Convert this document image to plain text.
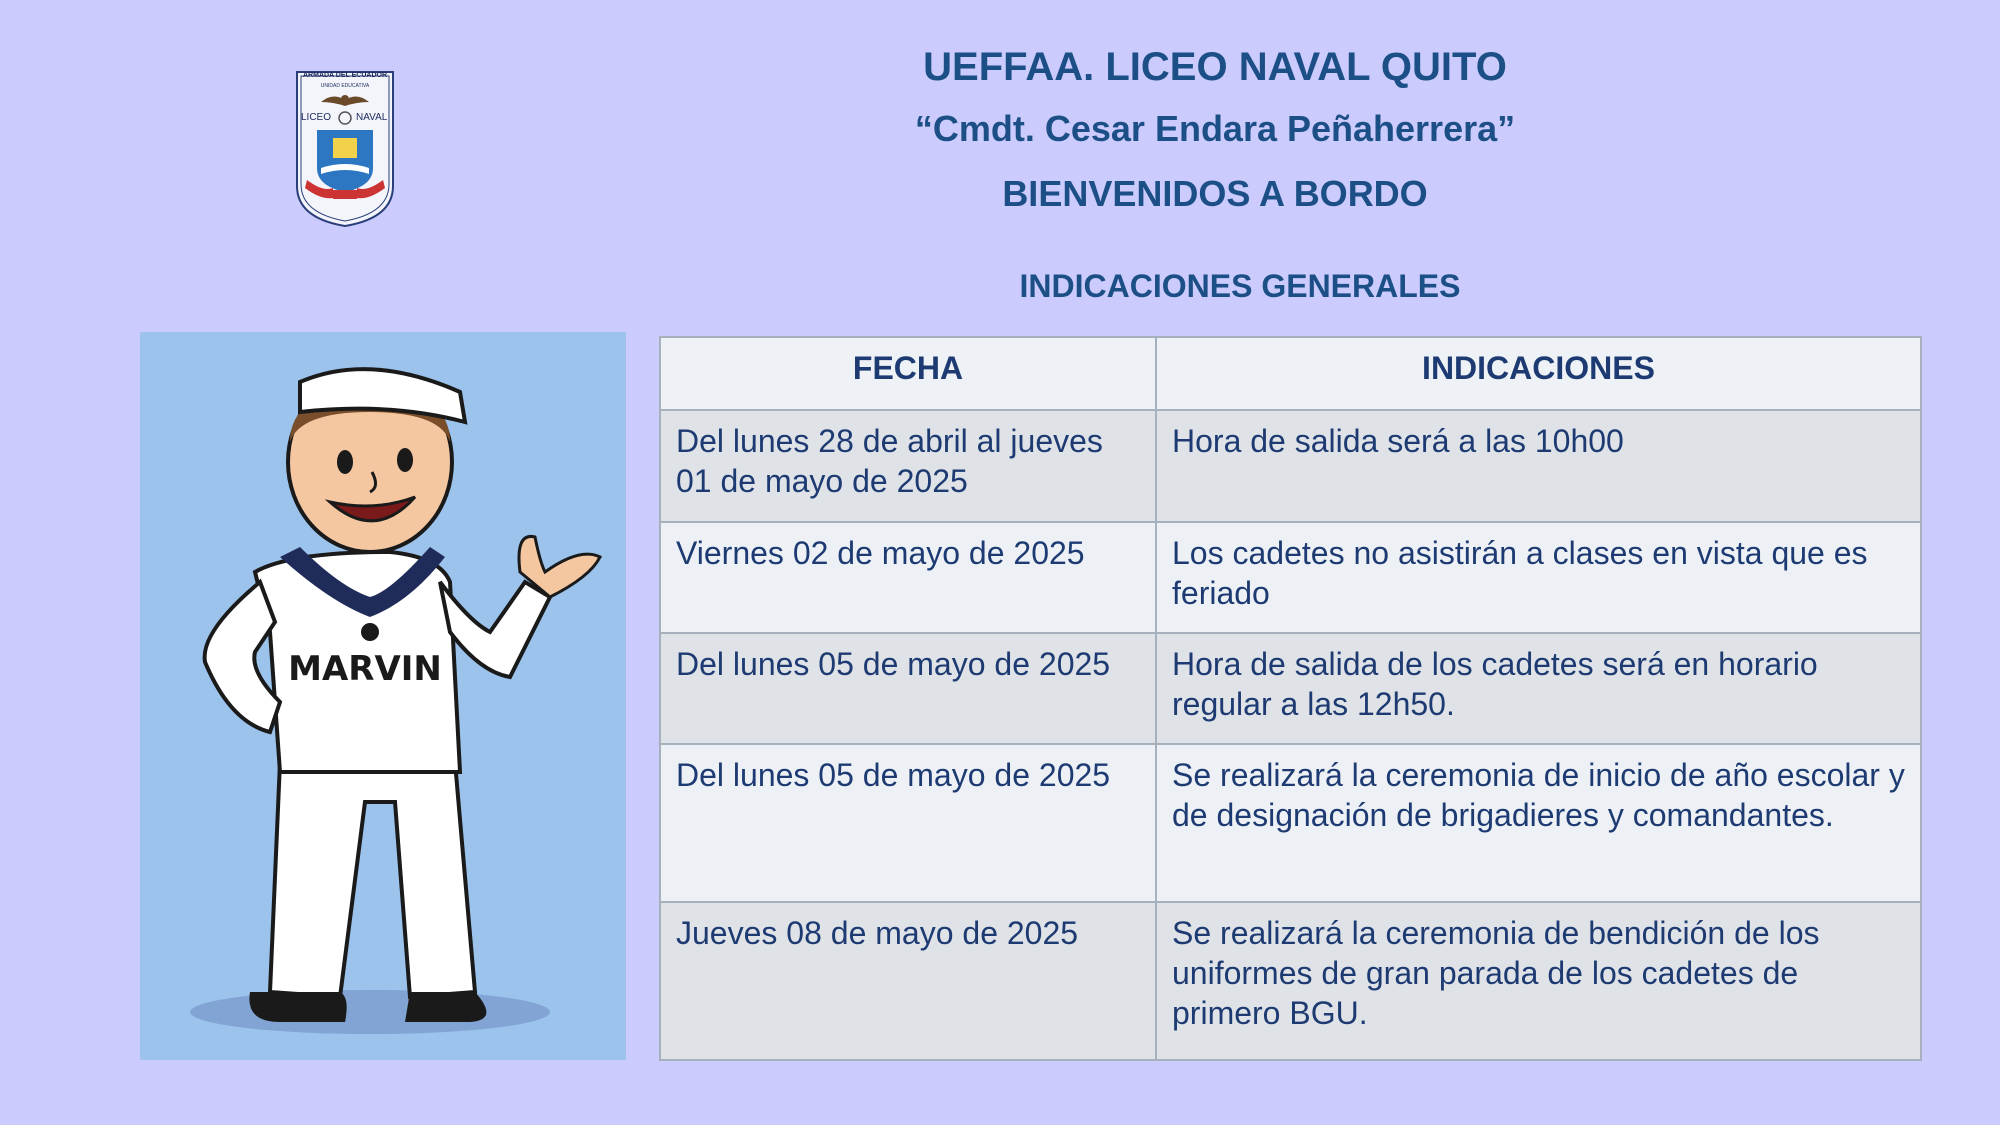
ARMADA DEL ECUADOR
UNIDAD EDUCATIVA
LICEO NAVAL
UEFFAA. LICEO NAVAL QUITO
“Cmdt. Cesar Endara Peñaherrera”
BIENVENIDOS A BORDO
INDICACIONES GENERALES
MARVIN
FECHA	INDICACIONES
Del lunes 28 de abril al jueves 01 de mayo de 2025	Hora de salida será a las 10h00
Viernes 02 de mayo de 2025	Los cadetes no asistirán a clases en vista que es feriado
Del lunes 05 de mayo de 2025	Hora de salida de los cadetes será en horario regular a las 12h50.
Del lunes 05 de mayo de 2025	Se realizará la ceremonia de inicio de año escolar y de designación de brigadieres y comandantes.
Jueves 08 de mayo de 2025	Se realizará la ceremonia de bendición de los uniformes de gran parada de los cadetes de primero BGU.
